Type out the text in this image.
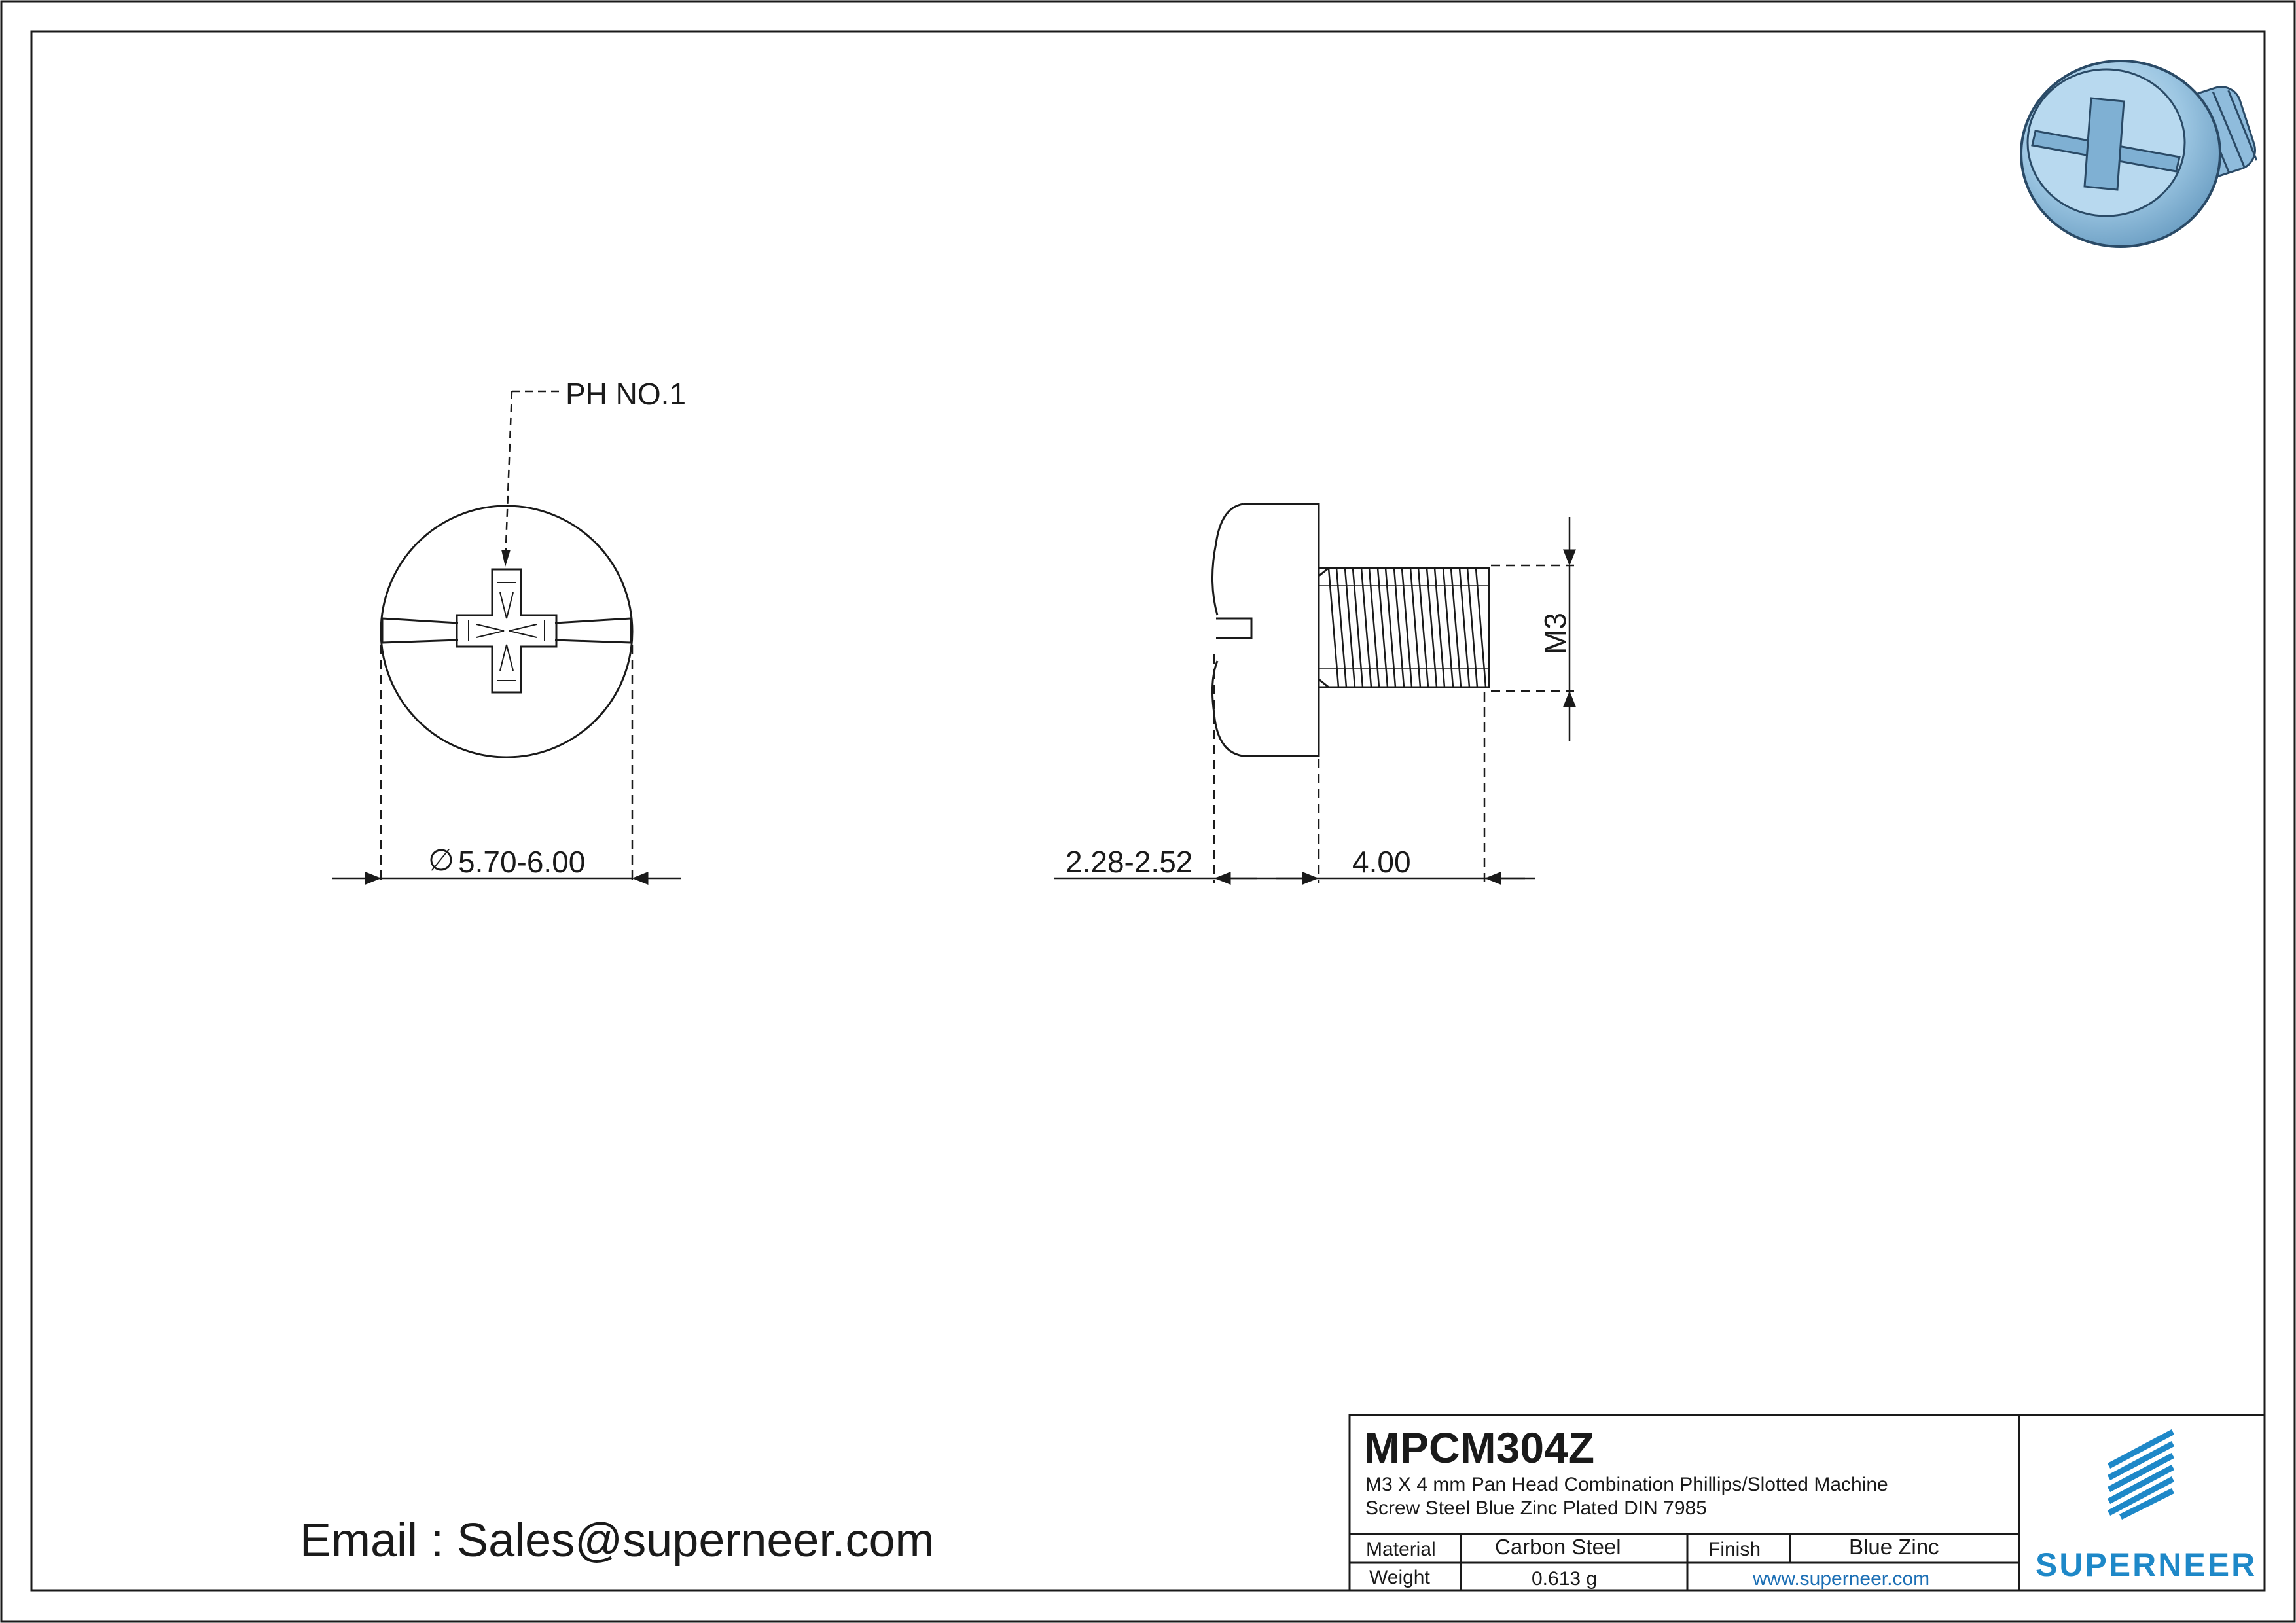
PH NO.1
∅ 5.70-6.00
M3
2.28-2.52	4.00
Email : Sales@superneer.com
MPCM304Z
M3 X 4 mm Pan Head Combination Phillips/Slotted Machine
Screw Steel Blue Zinc Plated DIN 7985
Material	Carbon Steel	Finish	Blue Zinc
Weight	0.613 g	www.superneer.com	SUPERNEER
